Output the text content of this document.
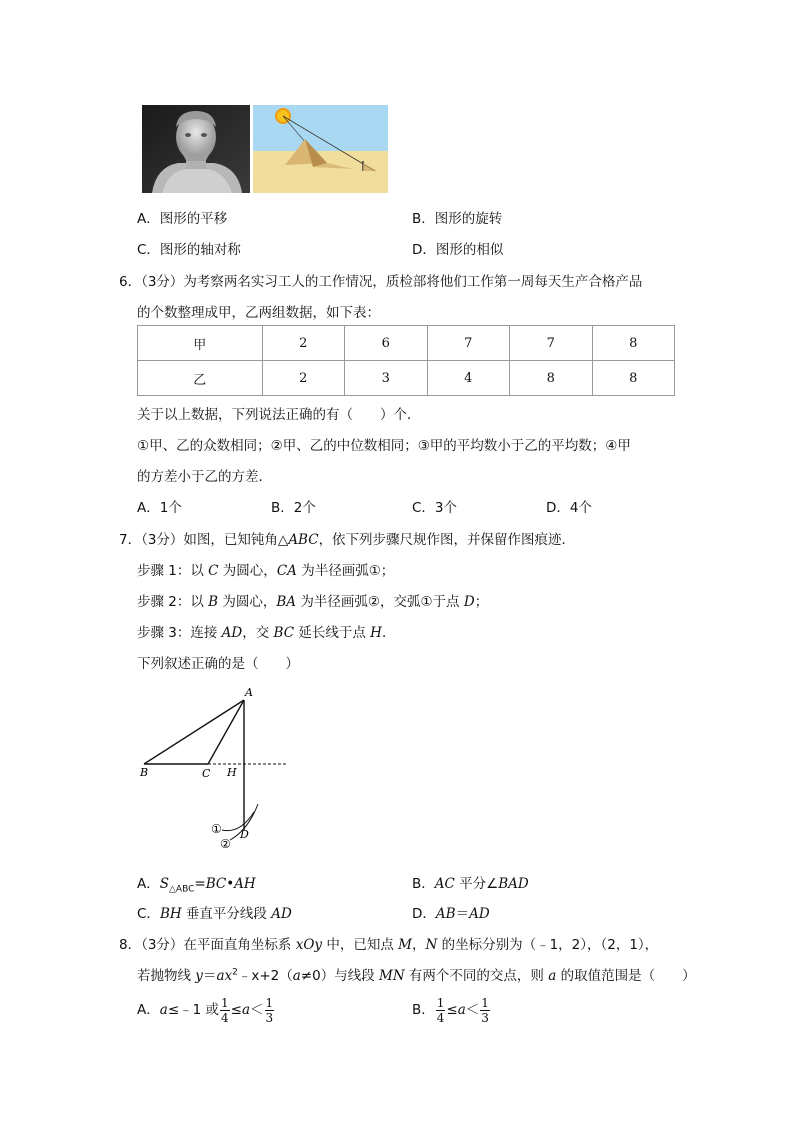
A．图形的平移	B．图形的旋转
C．图形的轴对称	D．图形的相似
6．（3分）为考察两名实习工人的工作情况，质检部将他们工作第一周每天生产合格产品
的个数整理成甲，乙两组数据，如下表：
甲	2	6	7	7	8
乙	2	3	4	8	8
关于以上数据，下列说法正确的有（　　）个．
①甲、乙的众数相同；②甲、乙的中位数相同；③甲的平均数小于乙的平均数；④甲
的方差小于乙的方差．
A．1个	B．2个	C．3个	D．4个
7．（3分）如图，已知钝角△ABC，依下列步骤尺规作图，并保留作图痕迹．
步骤 1：以 C 为圆心，CA 为半径画弧①；
步骤 2：以 B 为圆心，BA 为半径画弧②，交弧①于点 D；
步骤 3：连接 AD，交 BC 延长线于点 H．
下列叙述正确的是（　　）
A
B	C H
D
①
②
A．$S_{\triangle ABC}=BC•AH$	B．AC 平分∠BAD
C．BH 垂直平分线段 AD	D．AB＝AD
8．（3分）在平面直角坐标系 xOy 中，已知点 M，N 的坐标分别为（﹣1，2），（2，1），
若抛物线 $y=ax^2﹣x+2(a\ne 0)$与线段 MN 有两个不同的交点，则 a 的取值范围是（　　）
A．a≤﹣1 或 $\frac{1}{4} \le a< \frac{1}{3}$	B． $\frac{1}{4} \le a< \frac{1}{3}$
